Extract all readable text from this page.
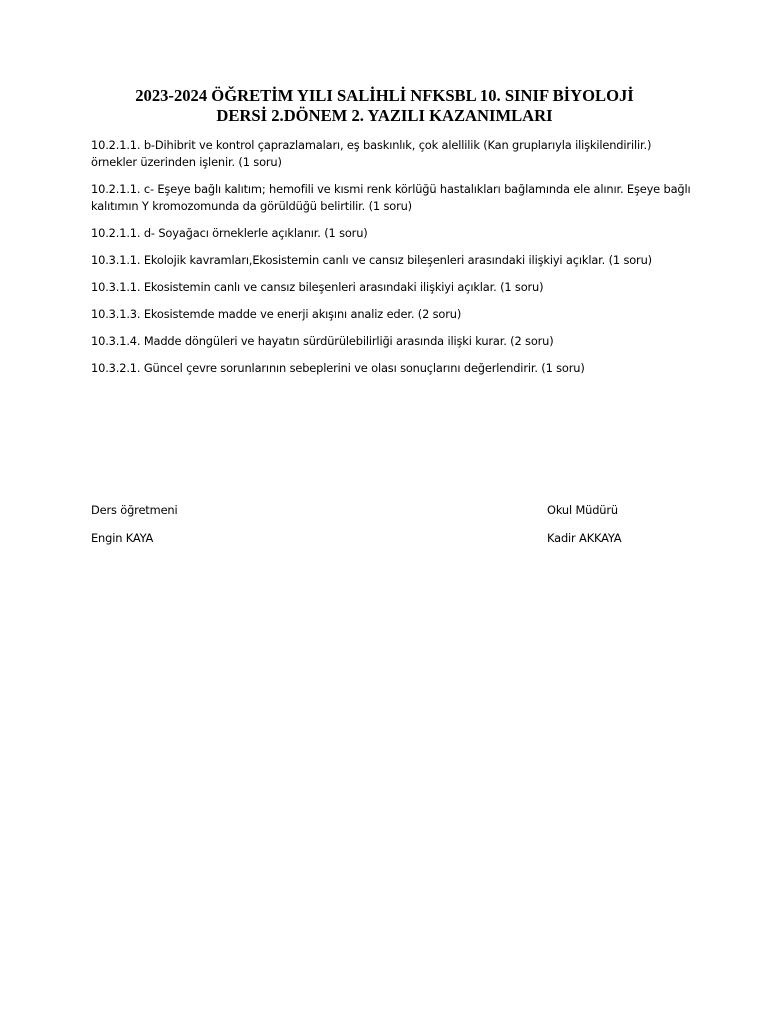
2023-2024 ÖĞRETİM YILI SALİHLİ NFKSBL 10. SINIF BİYOLOJİ
DERSİ 2.DÖNEM 2. YAZILI KAZANIMLARI

10.2.1.1. b-Dihibrit ve kontrol çaprazlamaları, eş baskınlık, çok alellilik (Kan gruplarıyla ilişkilendirilir.) örnekler üzerinden işlenir. (1 soru)

10.2.1.1. c- Eşeye bağlı kalıtım; hemofili ve kısmi renk körlüğü hastalıkları bağlamında ele alınır. Eşeye bağlı kalıtımın Y kromozomunda da görüldüğü belirtilir. (1 soru)

10.2.1.1. d- Soyağacı örneklerle açıklanır. (1 soru)

10.3.1.1. Ekolojik kavramları,Ekosistemin canlı ve cansız bileşenleri arasındaki ilişkiyi açıklar. (1 soru)

10.3.1.1. Ekosistemin canlı ve cansız bileşenleri arasındaki ilişkiyi açıklar. (1 soru)

10.3.1.3. Ekosistemde madde ve enerji akışını analiz eder. (2 soru)

10.3.1.4. Madde döngüleri ve hayatın sürdürülebilirliği arasında ilişki kurar. (2 soru)

10.3.2.1. Güncel çevre sorunlarının sebeplerini ve olası sonuçlarını değerlendirir. (1 soru)

Ders öğretmeni
Engin KAYA
Okul Müdürü
Kadir AKKAYA
